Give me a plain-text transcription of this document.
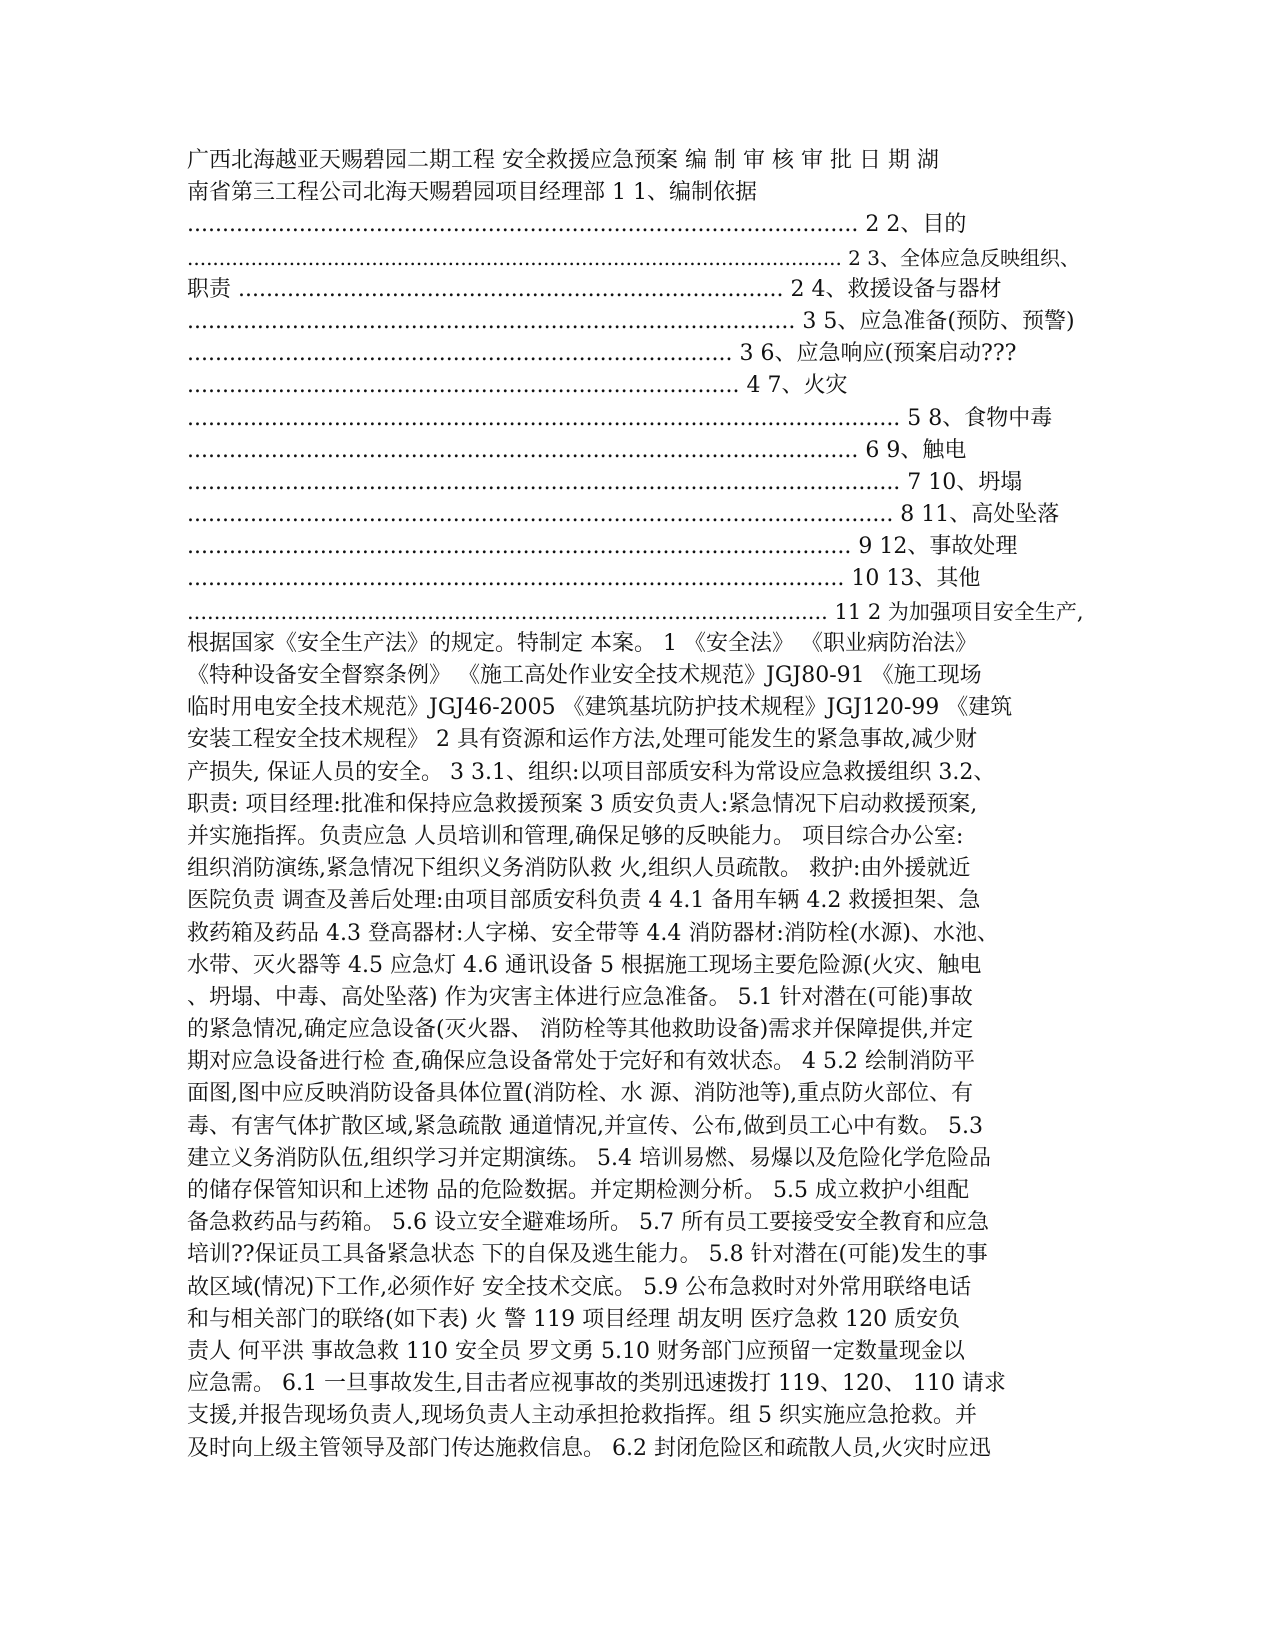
广西北海越亚天赐碧园二期工程 安全救援应急预案 编 制 审 核 审 批 日 期 湖
南省第三工程公司北海天赐碧园项目经理部 1 1、编制依据
................................................................................................ 2 2、目的
....................................................................................................... 2 3、全体应急反映组织、
职责 .............................................................................. 2 4、救援设备与器材
....................................................................................... 3 5、应急准备(预防、预警)
.............................................................................. 3 6、应急响应(预案启动???
............................................................................... 4 7、火灾
...................................................................................................... 5 8、食物中毒
................................................................................................ 6 9、触电
...................................................................................................... 7 10、坍塌
..................................................................................................... 8 11、高处坠落
............................................................................................... 9 12、事故处理
.............................................................................................. 10 13、其他
................................................................................................ 11 2 为加强项目安全生产,
根据国家《安全生产法》的规定。特制定 本案。 1 《安全法》 《职业病防治法》
《特种设备安全督察条例》 《施工高处作业安全技术规范》JGJ80-91 《施工现场
临时用电安全技术规范》JGJ46-2005 《建筑基坑防护技术规程》JGJ120-99 《建筑
安装工程安全技术规程》 2 具有资源和运作方法,处理可能发生的紧急事故,减少财
产损失, 保证人员的安全。 3 3.1、组织:以项目部质安科为常设应急救援组织 3.2、
职责: 项目经理:批准和保持应急救援预案 3 质安负责人:紧急情况下启动救援预案,
并实施指挥。负责应急 人员培训和管理,确保足够的反映能力。 项目综合办公室:
组织消防演练,紧急情况下组织义务消防队救 火,组织人员疏散。 救护:由外援就近
医院负责 调查及善后处理:由项目部质安科负责 4 4.1 备用车辆 4.2 救援担架、急
救药箱及药品 4.3 登高器材:人字梯、安全带等 4.4 消防器材:消防栓(水源)、水池、
水带、灭火器等 4.5 应急灯 4.6 通讯设备 5 根据施工现场主要危险源(火灾、触电
、坍塌、中毒、高处坠落) 作为灾害主体进行应急准备。 5.1 针对潜在(可能)事故
的紧急情况,确定应急设备(灭火器、 消防栓等其他救助设备)需求并保障提供,并定
期对应急设备进行检 查,确保应急设备常处于完好和有效状态。 4 5.2 绘制消防平
面图,图中应反映消防设备具体位置(消防栓、水 源、消防池等),重点防火部位、有
毒、有害气体扩散区域,紧急疏散 通道情况,并宣传、公布,做到员工心中有数。 5.3
建立义务消防队伍,组织学习并定期演练。 5.4 培训易燃、易爆以及危险化学危险品
的储存保管知识和上述物 品的危险数据。并定期检测分析。 5.5 成立救护小组配
备急救药品与药箱。 5.6 设立安全避难场所。 5.7 所有员工要接受安全教育和应急
培训??保证员工具备紧急状态 下的自保及逃生能力。 5.8 针对潜在(可能)发生的事
故区域(情况)下工作,必须作好 安全技术交底。 5.9 公布急救时对外常用联络电话
和与相关部门的联络(如下表) 火 警 119 项目经理 胡友明 医疗急救 120 质安负
责人 何平洪 事故急救 110 安全员 罗文勇 5.10 财务部门应预留一定数量现金以
应急需。 6.1 一旦事故发生,目击者应视事故的类别迅速拨打 119、120、 110 请求
支援,并报告现场负责人,现场负责人主动承担抢救指挥。组 5 织实施应急抢救。并
及时向上级主管领导及部门传达施救信息。 6.2 封闭危险区和疏散人员,火灾时应迅
